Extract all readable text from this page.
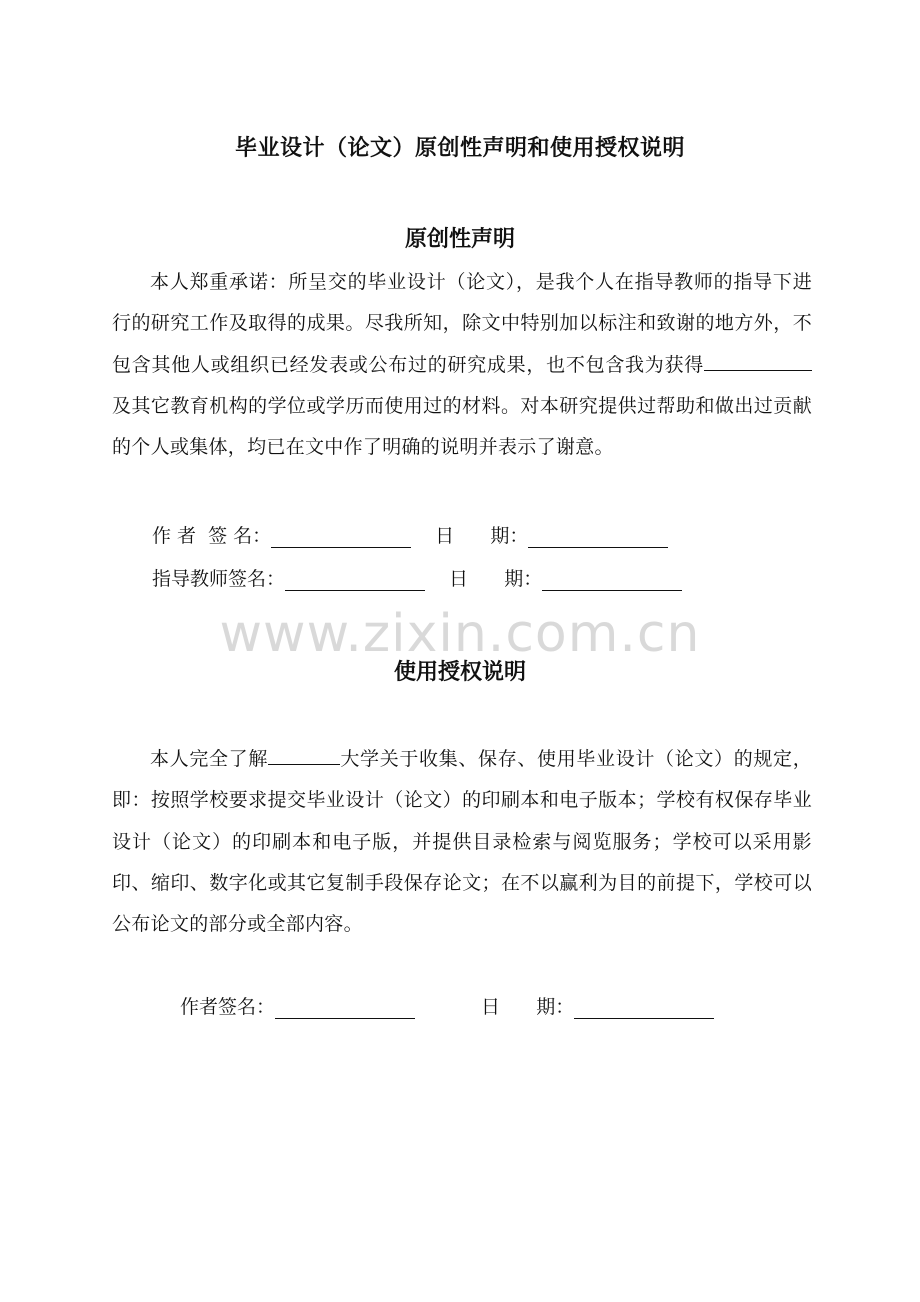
毕业设计（论文）原创性声明和使用授权说明
原创性声明
本人郑重承诺：所呈交的毕业设计（论文），是我个人在指导教师的指导下进行的研究工作及取得的成果。尽我所知，除文中特别加以标注和致谢的地方外，不包含其他人或组织已经发表或公布过的研究成果，也不包含我为获得及其它教育机构的学位或学历而使用过的材料。对本研究提供过帮助和做出过贡献的个人或集体，均已在文中作了明确的说明并表示了谢意。
作 者  签 名：	日      期：
指导教师签名：	日      期：
www.zixin.com.cn
使用授权说明
本人完全了解	大学关于收集、保存、使用毕业设计（论文）的规定，即：按照学校要求提交毕业设计（论文）的印刷本和电子版本；学校有权保存毕业设计（论文）的印刷本和电子版，并提供目录检索与阅览服务；学校可以采用影印、缩印、数字化或其它复制手段保存论文；在不以赢利为目的前提下，学校可以公布论文的部分或全部内容。
作者签名：	日      期：
